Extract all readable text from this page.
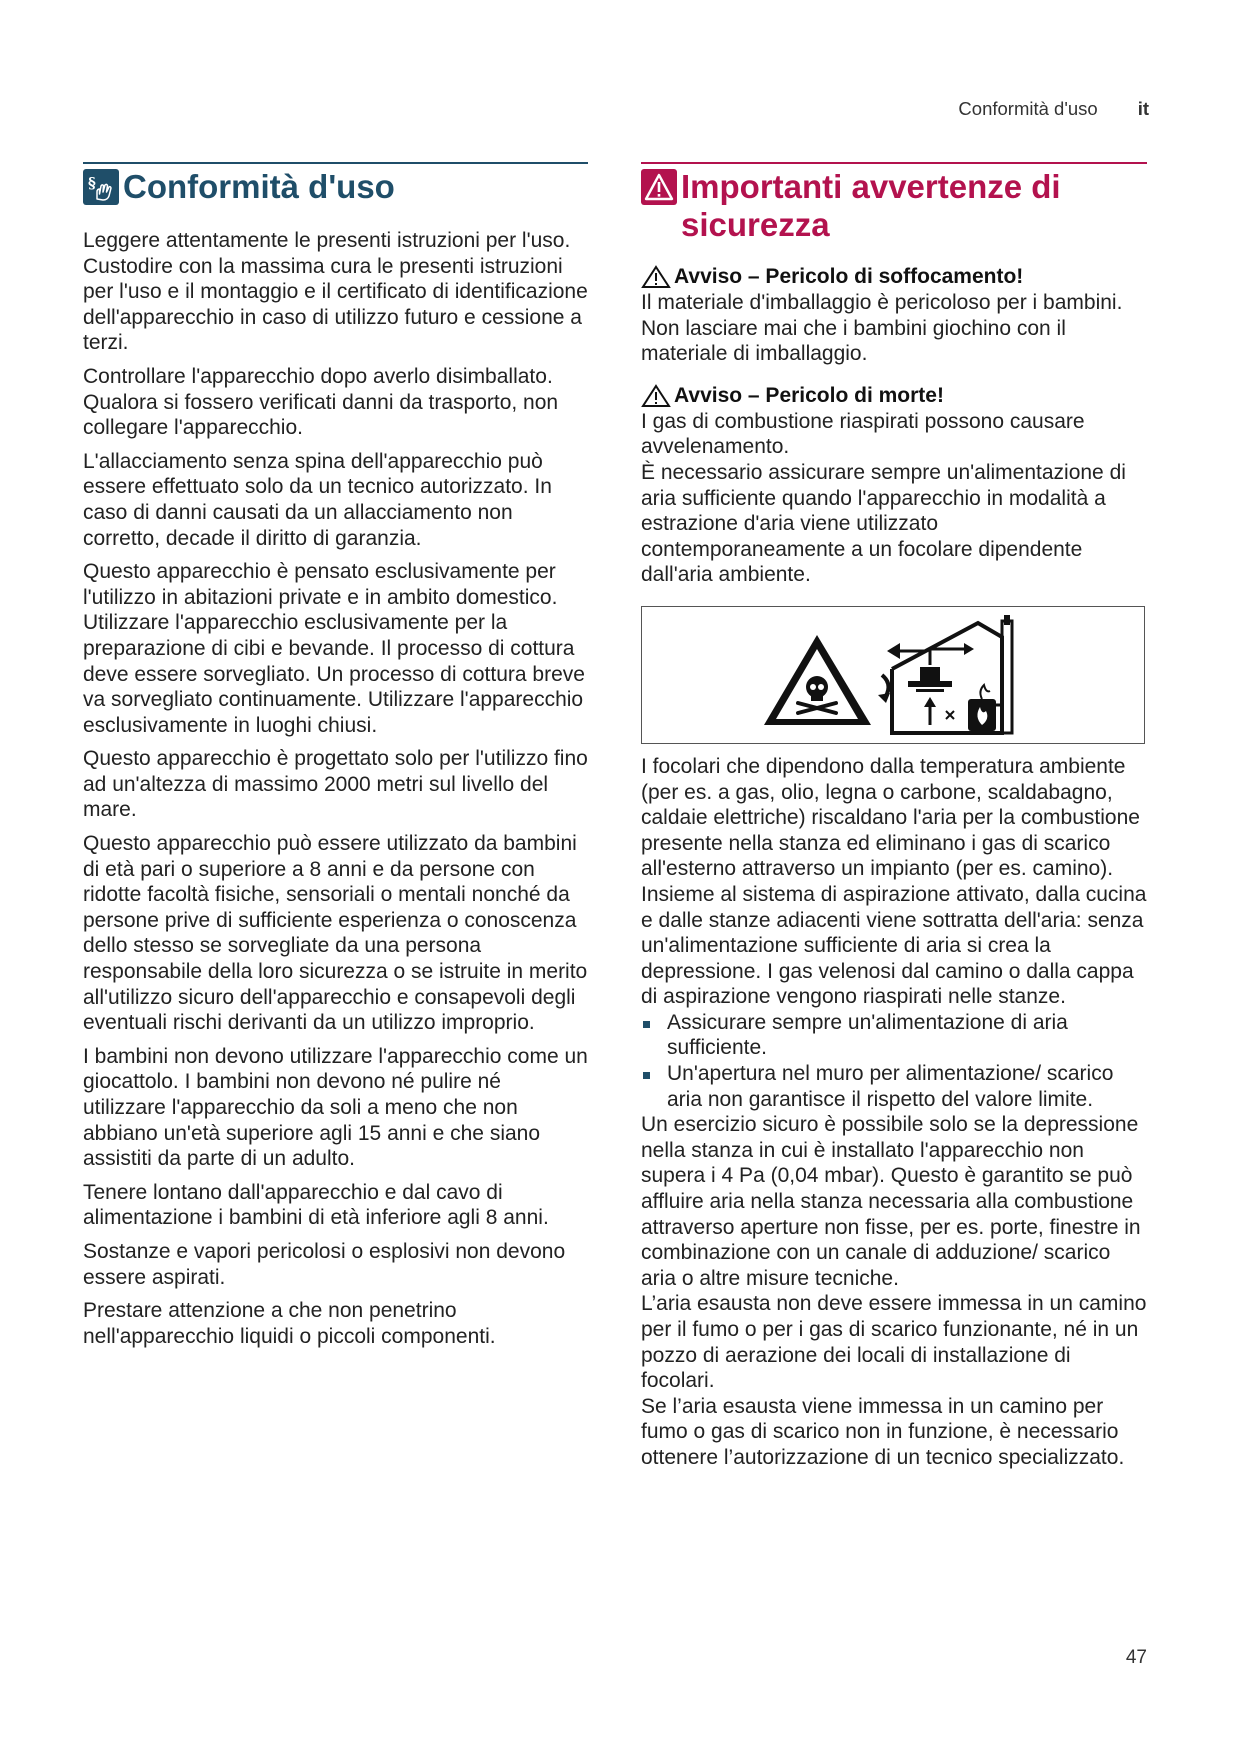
Conformità d'uso it
§ Conformità d'uso

Leggere attentamente le presenti istruzioni per l'uso. Custodire con la massima cura le presenti istruzioni per l'uso e il montaggio e il certificato di identificazione dell'apparecchio in caso di utilizzo futuro e cessione a terzi.

Controllare l'apparecchio dopo averlo disimballato. Qualora si fossero verificati danni da trasporto, non collegare l'apparecchio.

L'allacciamento senza spina dell'apparecchio può essere effettuato solo da un tecnico autorizzato. In caso di danni causati da un allacciamento non corretto, decade il diritto di garanzia.

Questo apparecchio è pensato esclusivamente per l'utilizzo in abitazioni private e in ambito domestico. Utilizzare l'apparecchio esclusivamente per la preparazione di cibi e bevande. Il processo di cottura deve essere sorvegliato. Un processo di cottura breve va sorvegliato continuamente. Utilizzare l'apparecchio esclusivamente in luoghi chiusi.

Questo apparecchio è progettato solo per l'utilizzo fino ad un'altezza di massimo 2000 metri sul livello del mare.

Questo apparecchio può essere utilizzato da bambini di età pari o superiore a 8 anni e da persone con ridotte facoltà fisiche, sensoriali o mentali nonché da persone prive di sufficiente esperienza o conoscenza dello stesso se sorvegliate da una persona responsabile della loro sicurezza o se istruite in merito all'utilizzo sicuro dell'apparecchio e consapevoli degli eventuali rischi derivanti da un utilizzo improprio.

I bambini non devono utilizzare l'apparecchio come un giocattolo. I bambini non devono né pulire né utilizzare l'apparecchio da soli a meno che non abbiano un'età superiore agli 15 anni e che siano assistiti da parte di un adulto.

Tenere lontano dall'apparecchio e dal cavo di alimentazione i bambini di età inferiore agli 8 anni.

Sostanze e vapori pericolosi o esplosivi non devono essere aspirati.

Prestare attenzione a che non penetrino nell'apparecchio liquidi o piccoli componenti.

Importanti avvertenze di sicurezza
Avviso – Pericolo di soffocamento!

Il materiale d'imballaggio è pericoloso per i bambini. Non lasciare mai che i bambini giochino con il materiale di imballaggio.

Avviso – Pericolo di morte!

I gas di combustione riaspirati possono causare avvelenamento.

È necessario assicurare sempre un'alimentazione di aria sufficiente quando l'apparecchio in modalità a estrazione d'aria viene utilizzato contemporaneamente a un focolare dipendente dall'aria ambiente.

I focolari che dipendono dalla temperatura ambiente (per es. a gas, olio, legna o carbone, scaldabagno, caldaie elettriche) riscaldano l'aria per la combustione presente nella stanza ed eliminano i gas di scarico all'esterno attraverso un impianto (per es. camino). Insieme al sistema di aspirazione attivato, dalla cucina e dalle stanze adiacenti viene sottratta dell'aria: senza un'alimentazione sufficiente di aria si crea la depressione. I gas velenosi dal camino o dalla cappa di aspirazione vengono riaspirati nelle stanze.

Assicurare sempre un'alimentazione di aria sufficiente.
Un'apertura nel muro per alimentazione/ scarico aria non garantisce il rispetto del valore limite.

Un esercizio sicuro è possibile solo se la depressione nella stanza in cui è installato l'apparecchio non supera i 4 Pa (0,04 mbar). Questo è garantito se può affluire aria nella stanza necessaria alla combustione attraverso aperture non fisse, per es. porte, finestre in combinazione con un canale di adduzione/ scarico aria o altre misure tecniche.

L’aria esausta non deve essere immessa in un camino per il fumo o per i gas di scarico funzionante, né in un pozzo di aerazione dei locali di installazione di focolari.

Se l’aria esausta viene immessa in un camino per fumo o gas di scarico non in funzione, è necessario ottenere l’autorizzazione di un tecnico specializzato.

47
